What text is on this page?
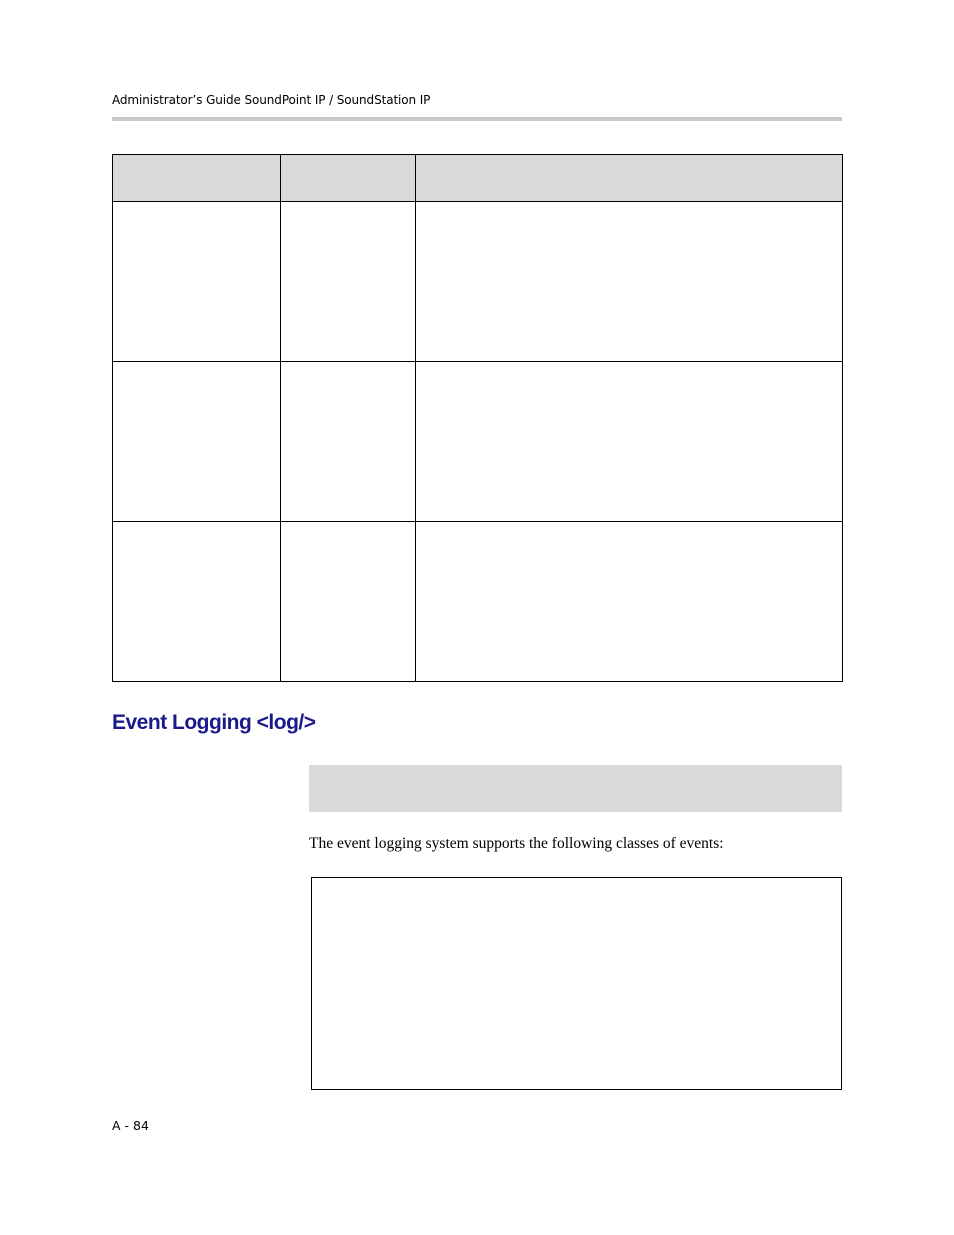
Administrator’s Guide SoundPoint IP / SoundStation IP

Event Logging <log/>

The event logging system supports the following classes of events:

A - 84
